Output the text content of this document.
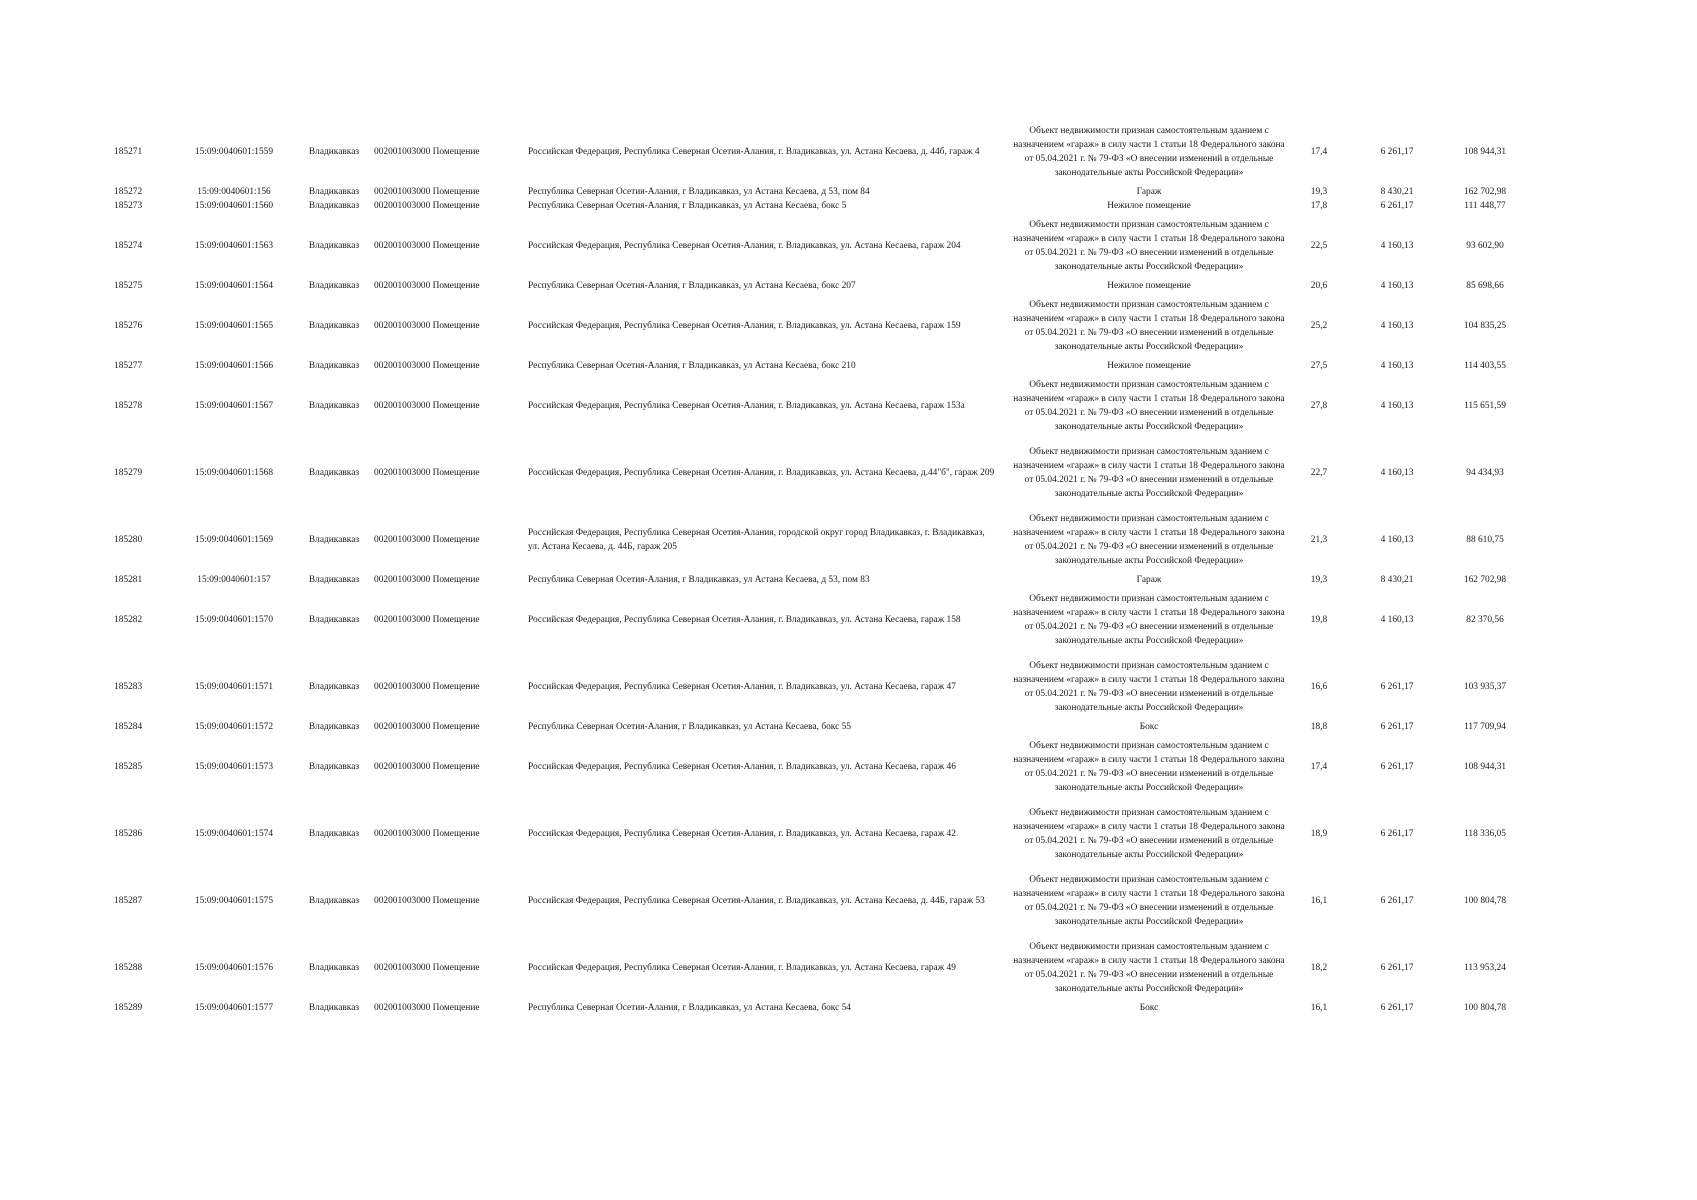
185271	15:09:0040601:1559	Владикавказ	002001003000 Помещение	Российская Федерация, Республика Северная Осетия-Алания, г. Владикавказ, ул. Астана Кесаева, д. 44б, гараж 4	Объект недвижимости признан самостоятельным зданием с назначением «гараж» в силу части 1 статьи 18 Федерального закона от 05.04.2021 г. № 79-ФЗ «О внесении изменений в отдельные законодательные акты Российской Федерации»	17,4	6 261,17	108 944,31
185272	15:09:0040601:156	Владикавказ	002001003000 Помещение	Республика Северная Осетия-Алания, г Владикавказ, ул Астана Кесаева, д 53, пом 84	Гараж	19,3	8 430,21	162 702,98
185273	15:09:0040601:1560	Владикавказ	002001003000 Помещение	Республика Северная Осетия-Алания, г Владикавказ, ул Астана Кесаева, бокс 5	Нежилое помещение	17,8	6 261,17	111 448,77
185274	15:09:0040601:1563	Владикавказ	002001003000 Помещение	Российская Федерация, Республика Северная Осетия-Алания, г. Владикавказ, ул. Астана Кесаева, гараж 204	Объект недвижимости признан самостоятельным зданием с назначением «гараж» в силу части 1 статьи 18 Федерального закона от 05.04.2021 г. № 79-ФЗ «О внесении изменений в отдельные законодательные акты Российской Федерации»	22,5	4 160,13	93 602,90
185275	15:09:0040601:1564	Владикавказ	002001003000 Помещение	Республика Северная Осетия-Алания, г Владикавказ, ул Астана Кесаева, бокс 207	Нежилое помещение	20,6	4 160,13	85 698,66
185276	15:09:0040601:1565	Владикавказ	002001003000 Помещение	Российская Федерация, Республика Северная Осетия-Алания, г. Владикавказ, ул. Астана Кесаева, гараж 159	Объект недвижимости признан самостоятельным зданием с назначением «гараж» в силу части 1 статьи 18 Федерального закона от 05.04.2021 г. № 79-ФЗ «О внесении изменений в отдельные законодательные акты Российской Федерации»	25,2	4 160,13	104 835,25
185277	15:09:0040601:1566	Владикавказ	002001003000 Помещение	Республика Северная Осетия-Алания, г Владикавказ, ул Астана Кесаева, бокс 210	Нежилое помещение	27,5	4 160,13	114 403,55
185278	15:09:0040601:1567	Владикавказ	002001003000 Помещение	Российская Федерация, Республика Северная Осетия-Алания, г. Владикавказ, ул. Астана Кесаева, гараж 153а	Объект недвижимости признан самостоятельным зданием с назначением «гараж» в силу части 1 статьи 18 Федерального закона от 05.04.2021 г. № 79-ФЗ «О внесении изменений в отдельные законодательные акты Российской Федерации»	27,8	4 160,13	115 651,59
185279	15:09:0040601:1568	Владикавказ	002001003000 Помещение	Российская Федерация, Республика Северная Осетия-Алания, г. Владикавказ, ул. Астана Кесаева, д.44"б", гараж 209	Объект недвижимости признан самостоятельным зданием с назначением «гараж» в силу части 1 статьи 18 Федерального закона от 05.04.2021 г. № 79-ФЗ «О внесении изменений в отдельные законодательные акты Российской Федерации»	22,7	4 160,13	94 434,93
185280	15:09:0040601:1569	Владикавказ	002001003000 Помещение	Российская Федерация, Республика Северная Осетия-Алания, городской округ город Владикавказ, г. Владикавказ, ул. Астана Кесаева, д. 44Б, гараж 205	Объект недвижимости признан самостоятельным зданием с назначением «гараж» в силу части 1 статьи 18 Федерального закона от 05.04.2021 г. № 79-ФЗ «О внесении изменений в отдельные законодательные акты Российской Федерации»	21,3	4 160,13	88 610,75
185281	15:09:0040601:157	Владикавказ	002001003000 Помещение	Республика Северная Осетия-Алания, г Владикавказ, ул Астана Кесаева, д 53, пом 83	Гараж	19,3	8 430,21	162 702,98
185282	15:09:0040601:1570	Владикавказ	002001003000 Помещение	Российская Федерация, Республика Северная Осетия-Алания, г. Владикавказ, ул. Астана Кесаева, гараж 158	Объект недвижимости признан самостоятельным зданием с назначением «гараж» в силу части 1 статьи 18 Федерального закона от 05.04.2021 г. № 79-ФЗ «О внесении изменений в отдельные законодательные акты Российской Федерации»	19,8	4 160,13	82 370,56
185283	15:09:0040601:1571	Владикавказ	002001003000 Помещение	Российская Федерация, Республика Северная Осетия-Алания, г. Владикавказ, ул. Астана Кесаева, гараж 47	Объект недвижимости признан самостоятельным зданием с назначением «гараж» в силу части 1 статьи 18 Федерального закона от 05.04.2021 г. № 79-ФЗ «О внесении изменений в отдельные законодательные акты Российской Федерации»	16,6	6 261,17	103 935,37
185284	15:09:0040601:1572	Владикавказ	002001003000 Помещение	Республика Северная Осетия-Алания, г Владикавказ, ул Астана Кесаева, бокс 55	Бокс	18,8	6 261,17	117 709,94
185285	15:09:0040601:1573	Владикавказ	002001003000 Помещение	Российская Федерация, Республика Северная Осетия-Алания, г. Владикавказ, ул. Астана Кесаева, гараж 46	Объект недвижимости признан самостоятельным зданием с назначением «гараж» в силу части 1 статьи 18 Федерального закона от 05.04.2021 г. № 79-ФЗ «О внесении изменений в отдельные законодательные акты Российской Федерации»	17,4	6 261,17	108 944,31
185286	15:09:0040601:1574	Владикавказ	002001003000 Помещение	Российская Федерация, Республика Северная Осетия-Алания, г. Владикавказ, ул. Астана Кесаева, гараж 42	Объект недвижимости признан самостоятельным зданием с назначением «гараж» в силу части 1 статьи 18 Федерального закона от 05.04.2021 г. № 79-ФЗ «О внесении изменений в отдельные законодательные акты Российской Федерации»	18,9	6 261,17	118 336,05
185287	15:09:0040601:1575	Владикавказ	002001003000 Помещение	Российская Федерация, Республика Северная Осетия-Алания, г. Владикавказ, ул. Астана Кесаева, д. 44Б, гараж 53	Объект недвижимости признан самостоятельным зданием с назначением «гараж» в силу части 1 статьи 18 Федерального закона от 05.04.2021 г. № 79-ФЗ «О внесении изменений в отдельные законодательные акты Российской Федерации»	16,1	6 261,17	100 804,78
185288	15:09:0040601:1576	Владикавказ	002001003000 Помещение	Российская Федерация, Республика Северная Осетия-Алания, г. Владикавказ, ул. Астана Кесаева, гараж 49	Объект недвижимости признан самостоятельным зданием с назначением «гараж» в силу части 1 статьи 18 Федерального закона от 05.04.2021 г. № 79-ФЗ «О внесении изменений в отдельные законодательные акты Российской Федерации»	18,2	6 261,17	113 953,24
185289	15:09:0040601:1577	Владикавказ	002001003000 Помещение	Республика Северная Осетия-Алания, г Владикавказ, ул Астана Кесаева, бокс 54	Бокс	16,1	6 261,17	100 804,78
